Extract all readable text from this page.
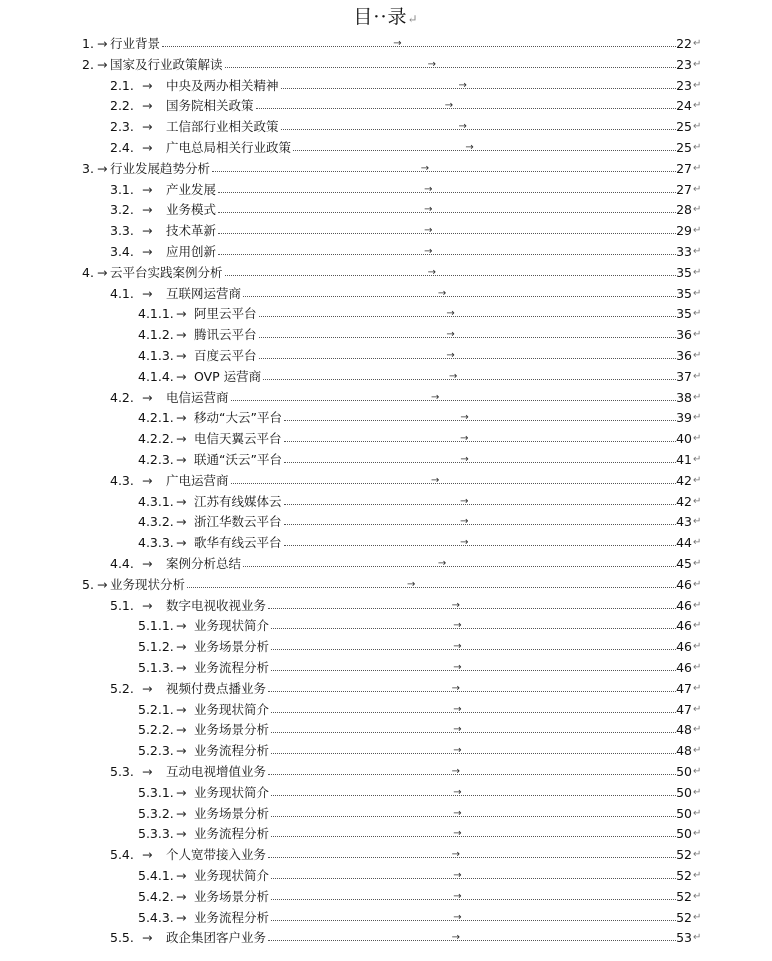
目··录↵
1. → 行业背景	→	22 ↵
2. → 国家及行业政策解读	→	23 ↵
2.1. → 中央及两办相关精神	→	23 ↵
2.2. → 国务院相关政策	→	24 ↵
2.3. → 工信部行业相关政策	→	25 ↵
2.4. → 广电总局相关行业政策	→	25 ↵
3. → 行业发展趋势分析	→	27 ↵
3.1. → 产业发展	→	27 ↵
3.2. → 业务模式	→	28 ↵
3.3. → 技术革新	→	29 ↵
3.4. → 应用创新	→	33 ↵
4. → 云平台实践案例分析	→	35 ↵
4.1. → 互联网运营商	→	35 ↵
4.1.1. → 阿里云平台	→	35 ↵
4.1.2. → 腾讯云平台	→	36 ↵
4.1.3. → 百度云平台	→	36 ↵
4.1.4. → OVP 运营商	→	37 ↵
4.2. → 电信运营商	→	38 ↵
4.2.1. → 移动“大云”平台	→	39 ↵
4.2.2. → 电信天翼云平台	→	40 ↵
4.2.3. → 联通“沃云”平台	→	41 ↵
4.3. → 广电运营商	→	42 ↵
4.3.1. → 江苏有线媒体云	→	42 ↵
4.3.2. → 浙江华数云平台	→	43 ↵
4.3.3. → 歌华有线云平台	→	44 ↵
4.4. → 案例分析总结	→	45 ↵
5. → 业务现状分析	→	46 ↵
5.1. → 数字电视收视业务	→	46 ↵
5.1.1. → 业务现状简介	→	46 ↵
5.1.2. → 业务场景分析	→	46 ↵
5.1.3. → 业务流程分析	→	46 ↵
5.2. → 视频付费点播业务	→	47 ↵
5.2.1. → 业务现状简介	→	47 ↵
5.2.2. → 业务场景分析	→	48 ↵
5.2.3. → 业务流程分析	→	48 ↵
5.3. → 互动电视增值业务	→	50 ↵
5.3.1. → 业务现状简介	→	50 ↵
5.3.2. → 业务场景分析	→	50 ↵
5.3.3. → 业务流程分析	→	50 ↵
5.4. → 个人宽带接入业务	→	52 ↵
5.4.1. → 业务现状简介	→	52 ↵
5.4.2. → 业务场景分析	→	52 ↵
5.4.3. → 业务流程分析	→	52 ↵
5.5. → 政企集团客户业务	→	53 ↵
